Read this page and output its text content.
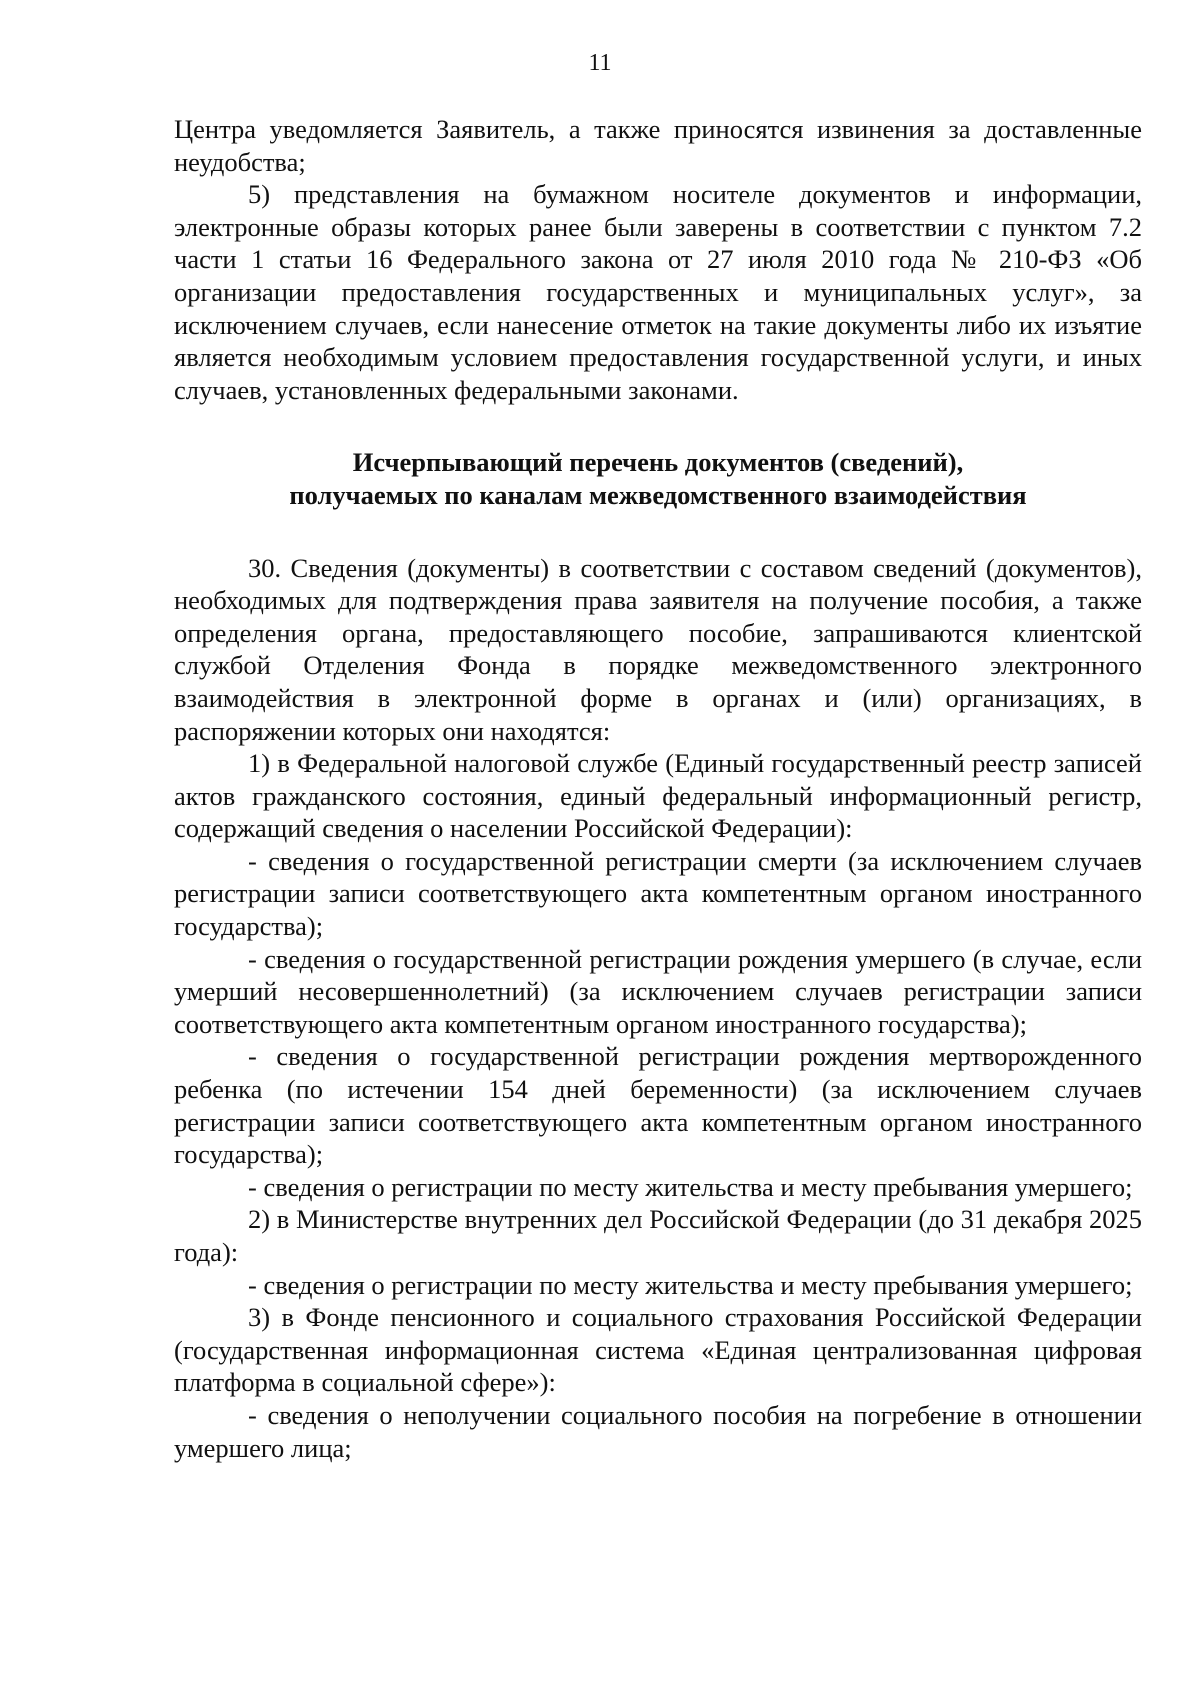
11

Центра уведомляется Заявитель, а также приносятся извинения за доставленные неудобства;

5) представления на бумажном носителе документов и информации, электронные образы которых ранее были заверены в соответствии с пунктом 7.2 части 1 статьи 16 Федерального закона от 27 июля 2010 года № 210-ФЗ «Об организации предоставления государственных и муниципальных услуг», за исключением случаев, если нанесение отметок на такие документы либо их изъятие является необходимым условием предоставления государственной услуги, и иных случаев, установленных федеральными законами.

Исчерпывающий перечень документов (сведений),
получаемых по каналам межведомственного взаимодействия

30. Сведения (документы) в соответствии с составом сведений (документов), необходимых для подтверждения права заявителя на получение пособия, а также определения органа, предоставляющего пособие, запрашиваются клиентской службой Отделения Фонда в порядке межведомственного электронного взаимодействия в электронной форме в органах и (или) организациях, в распоряжении которых они находятся:

1) в Федеральной налоговой службе (Единый государственный реестр записей актов гражданского состояния, единый федеральный информационный регистр, содержащий сведения о населении Российской Федерации):

- сведения о государственной регистрации смерти (за исключением случаев регистрации записи соответствующего акта компетентным органом иностранного государства);

- сведения о государственной регистрации рождения умершего (в случае, если умерший несовершеннолетний) (за исключением случаев регистрации записи соответствующего акта компетентным органом иностранного государства);

- сведения о государственной регистрации рождения мертворожденного ребенка (по истечении 154 дней беременности) (за исключением случаев регистрации записи соответствующего акта компетентным органом иностранного государства);

- сведения о регистрации по месту жительства и месту пребывания умершего;

2) в Министерстве внутренних дел Российской Федерации (до 31 декабря 2025 года):

- сведения о регистрации по месту жительства и месту пребывания умершего;

3) в Фонде пенсионного и социального страхования Российской Федерации (государственная информационная система «Единая централизованная цифровая платформа в социальной сфере»):

- сведения о неполучении социального пособия на погребение в отношении умершего лица;
